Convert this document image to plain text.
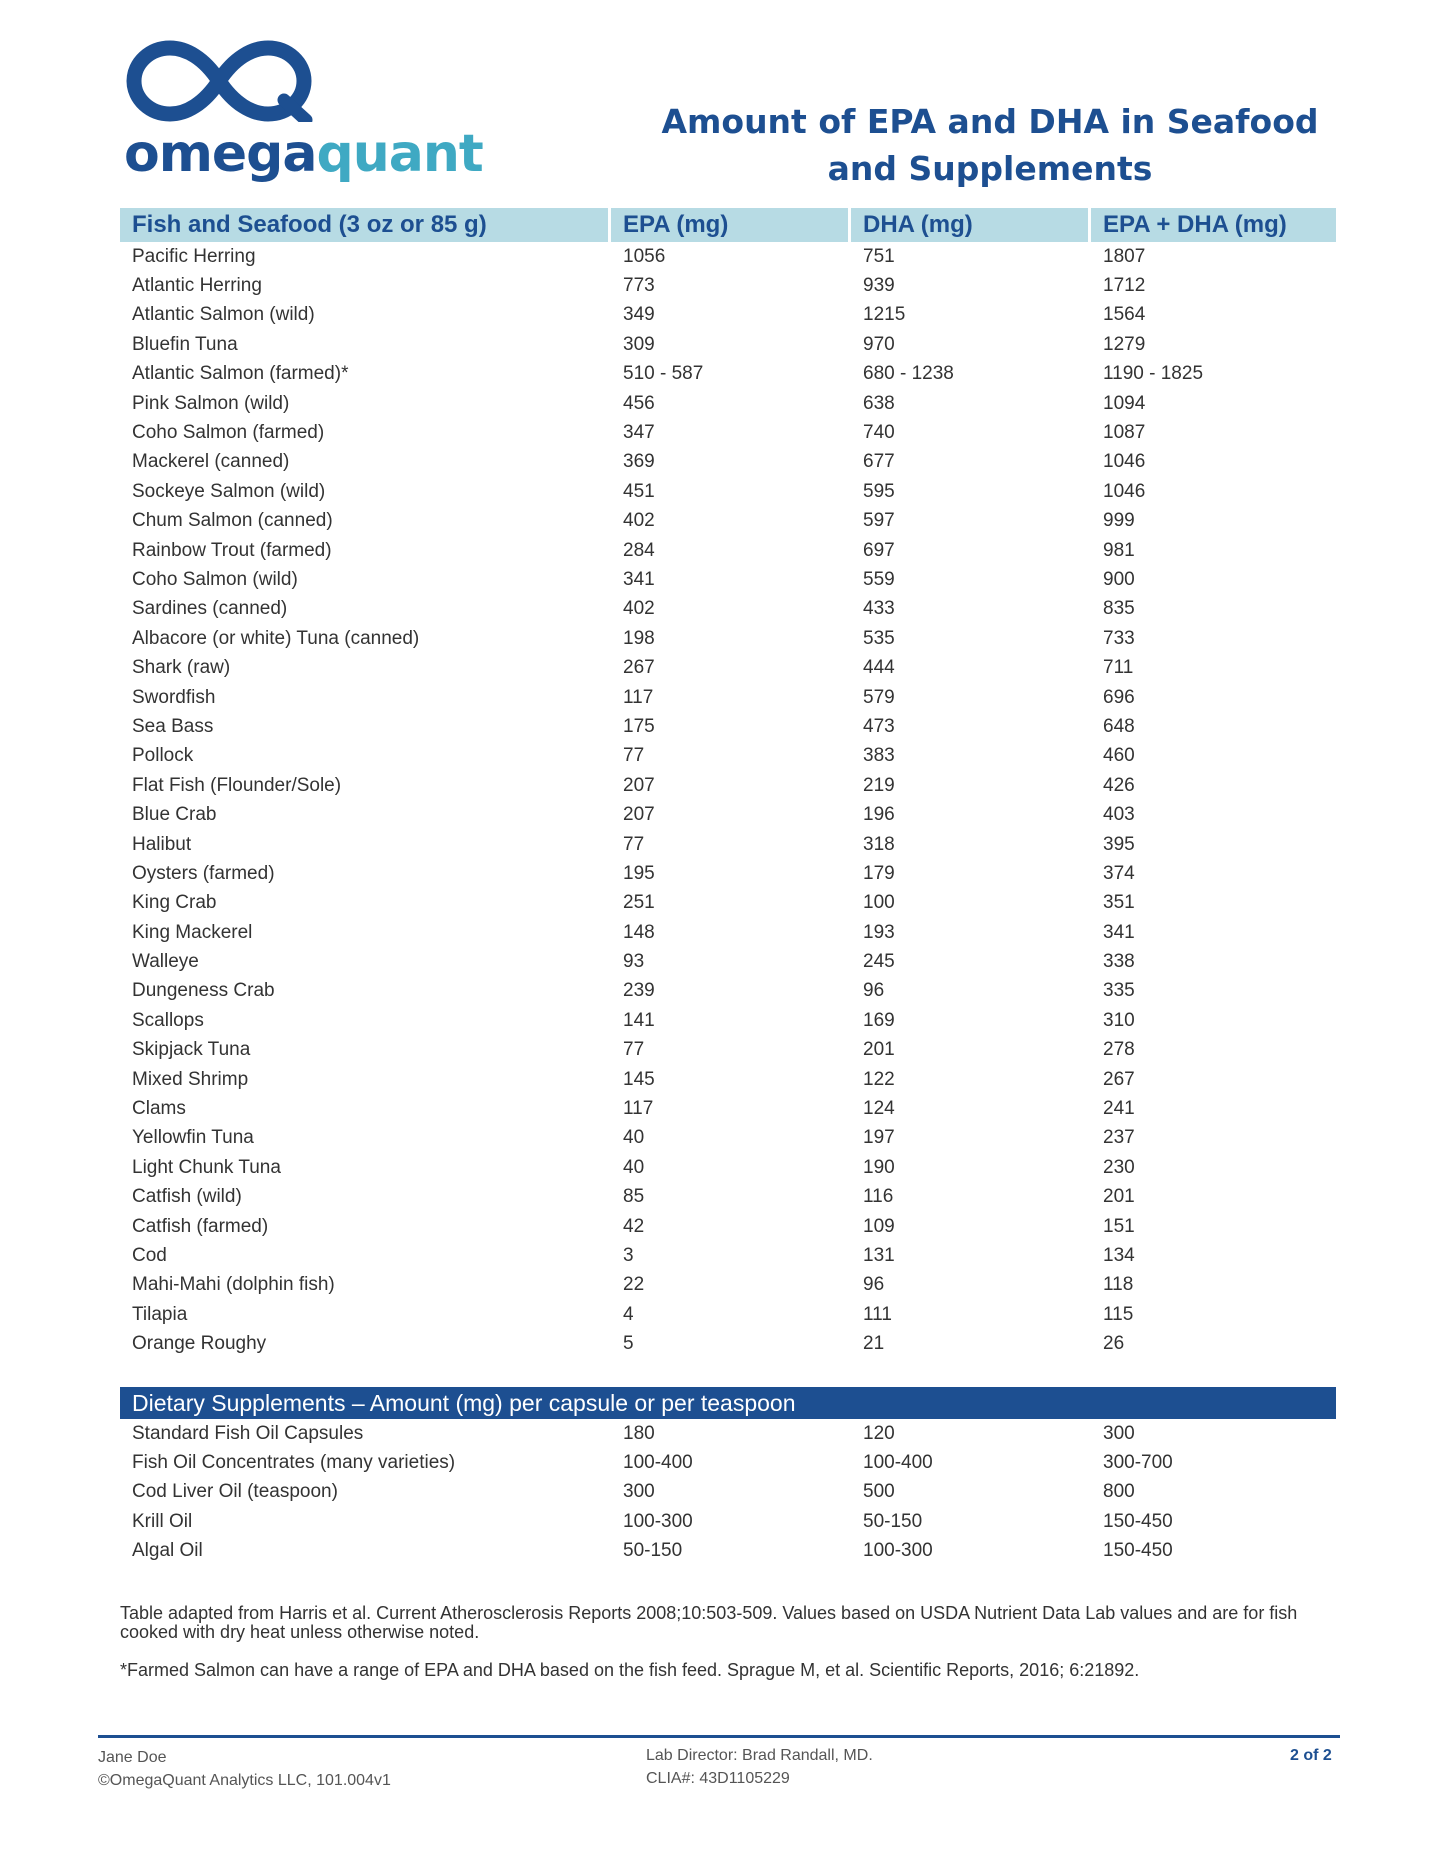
omegaquant
Amount of EPA and DHA in Seafood
and Supplements
Fish and Seafood (3 oz or 85 g)	EPA (mg)	DHA (mg)	EPA + DHA (mg)
Pacific Herring	1056	751	1807
Atlantic Herring	773	939	1712
Atlantic Salmon (wild)	349	1215	1564
Bluefin Tuna	309	970	1279
Atlantic Salmon (farmed)*	510 - 587	680 - 1238	1190 - 1825
Pink Salmon (wild)	456	638	1094
Coho Salmon (farmed)	347	740	1087
Mackerel (canned)	369	677	1046
Sockeye Salmon (wild)	451	595	1046
Chum Salmon (canned)	402	597	999
Rainbow Trout (farmed)	284	697	981
Coho Salmon (wild)	341	559	900
Sardines (canned)	402	433	835
Albacore (or white) Tuna (canned)	198	535	733
Shark (raw)	267	444	711
Swordfish	117	579	696
Sea Bass	175	473	648
Pollock	77	383	460
Flat Fish (Flounder/Sole)	207	219	426
Blue Crab	207	196	403
Halibut	77	318	395
Oysters (farmed)	195	179	374
King Crab	251	100	351
King Mackerel	148	193	341
Walleye	93	245	338
Dungeness Crab	239	96	335
Scallops	141	169	310
Skipjack Tuna	77	201	278
Mixed Shrimp	145	122	267
Clams	117	124	241
Yellowfin Tuna	40	197	237
Light Chunk Tuna	40	190	230
Catfish (wild)	85	116	201
Catfish (farmed)	42	109	151
Cod	3	131	134
Mahi-Mahi (dolphin fish)	22	96	118
Tilapia	4	111	115
Orange Roughy	5	21	26
Dietary Supplements – Amount (mg) per capsule or per teaspoon
Standard Fish Oil Capsules	180	120	300
Fish Oil Concentrates (many varieties)	100-400	100-400	300-700
Cod Liver Oil (teaspoon)	300	500	800
Krill Oil	100-300	50-150	150-450
Algal Oil	50-150	100-300	150-450
Table adapted from Harris et al. Current Atherosclerosis Reports 2008;10:503-509. Values based on USDA Nutrient Data Lab values and are for fish cooked with dry heat unless otherwise noted.
*Farmed Salmon can have a range of EPA and DHA based on the fish feed. Sprague M, et al. Scientific Reports, 2016; 6:21892.
Jane Doe
©OmegaQuant Analytics LLC, 101.004v1
Lab Director: Brad Randall, MD.
CLIA#: 43D1105229
2 of 2
